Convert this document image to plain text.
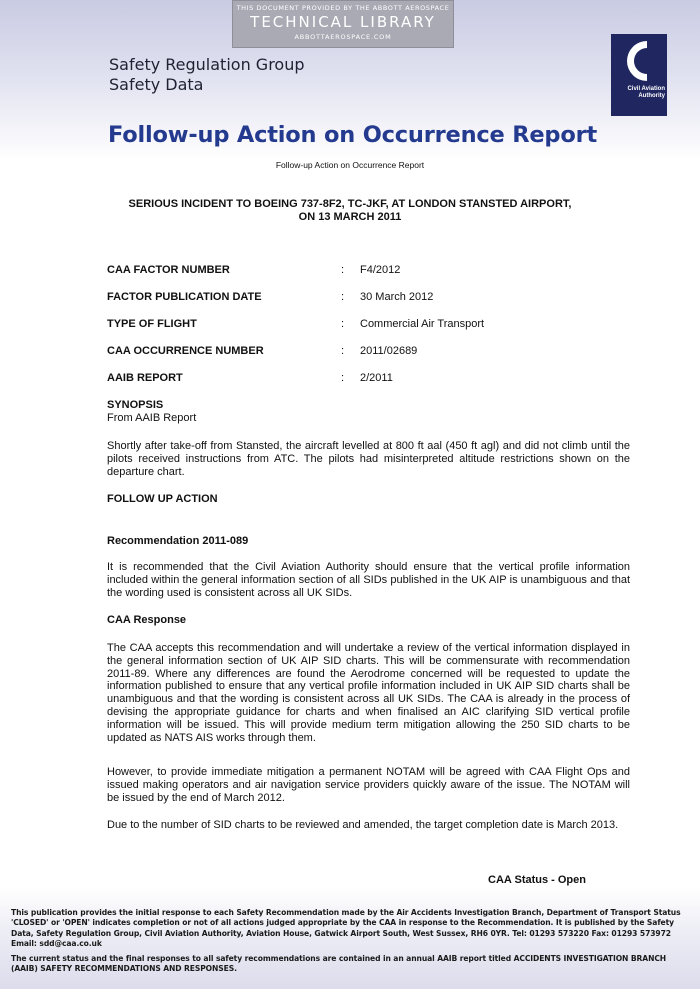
THIS DOCUMENT PROVIDED BY THE ABBOTT AEROSPACE
TECHNICAL LIBRARY
ABBOTTAEROSPACE.COM
Safety Regulation Group
Safety Data	Civil Aviation
Authority
Follow-up Action on Occurrence Report
Follow-up Action on Occurrence Report
SERIOUS INCIDENT TO BOEING 737-8F2, TC-JKF, AT LONDON STANSTED AIRPORT,
ON 13 MARCH 2011
CAA FACTOR NUMBER	: F4/2012
FACTOR PUBLICATION DATE	: 30 March 2012
TYPE OF FLIGHT	: Commercial Air Transport
CAA OCCURRENCE NUMBER	: 2011/02689
AAIB REPORT	: 2/2011
SYNOPSIS
From AAIB Report
Shortly after take-off from Stansted, the aircraft levelled at 800 ft aal (450 ft agl) and did not climb until the pilots received instructions from ATC. The pilots had misinterpreted altitude restrictions shown on the departure chart.
FOLLOW UP ACTION
Recommendation 2011-089
It is recommended that the Civil Aviation Authority should ensure that the vertical profile information included within the general information section of all SIDs published in the UK AIP is unambiguous and that the wording used is consistent across all UK SIDs.
CAA Response
The CAA accepts this recommendation and will undertake a review of the vertical information displayed in the general information section of UK AIP SID charts. This will be commensurate with recommendation 2011-89. Where any differences are found the Aerodrome concerned will be requested to update the information published to ensure that any vertical profile information included in UK AIP SID charts shall be unambiguous and that the wording is consistent across all UK SIDs. The CAA is already in the process of devising the appropriate guidance for charts and when finalised an AIC clarifying SID vertical profile information will be issued. This will provide medium term mitigation allowing the 250 SID charts to be updated as NATS AIS works through them.
However, to provide immediate mitigation a permanent NOTAM will be agreed with CAA Flight Ops and issued making operators and air navigation service providers quickly aware of the issue. The NOTAM will be issued by the end of March 2012.
Due to the number of SID charts to be reviewed and amended, the target completion date is March 2013.
CAA Status - Open
This publication provides the initial response to each Safety Recommendation made by the Air Accidents Investigation Branch, Department of Transport Status 'CLOSED' or 'OPEN' indicates completion or not of all actions judged appropriate by the CAA in response to the Recommendation. It is published by the Safety Data, Safety Regulation Group, Civil Aviation Authority, Aviation House, Gatwick Airport South, West Sussex, RH6 0YR. Tel: 01293 573220 Fax: 01293 573972 Email: sdd@caa.co.uk
The current status and the final responses to all safety recommendations are contained in an annual AAIB report titled ACCIDENTS INVESTIGATION BRANCH (AAIB) SAFETY RECOMMENDATIONS AND RESPONSES.
